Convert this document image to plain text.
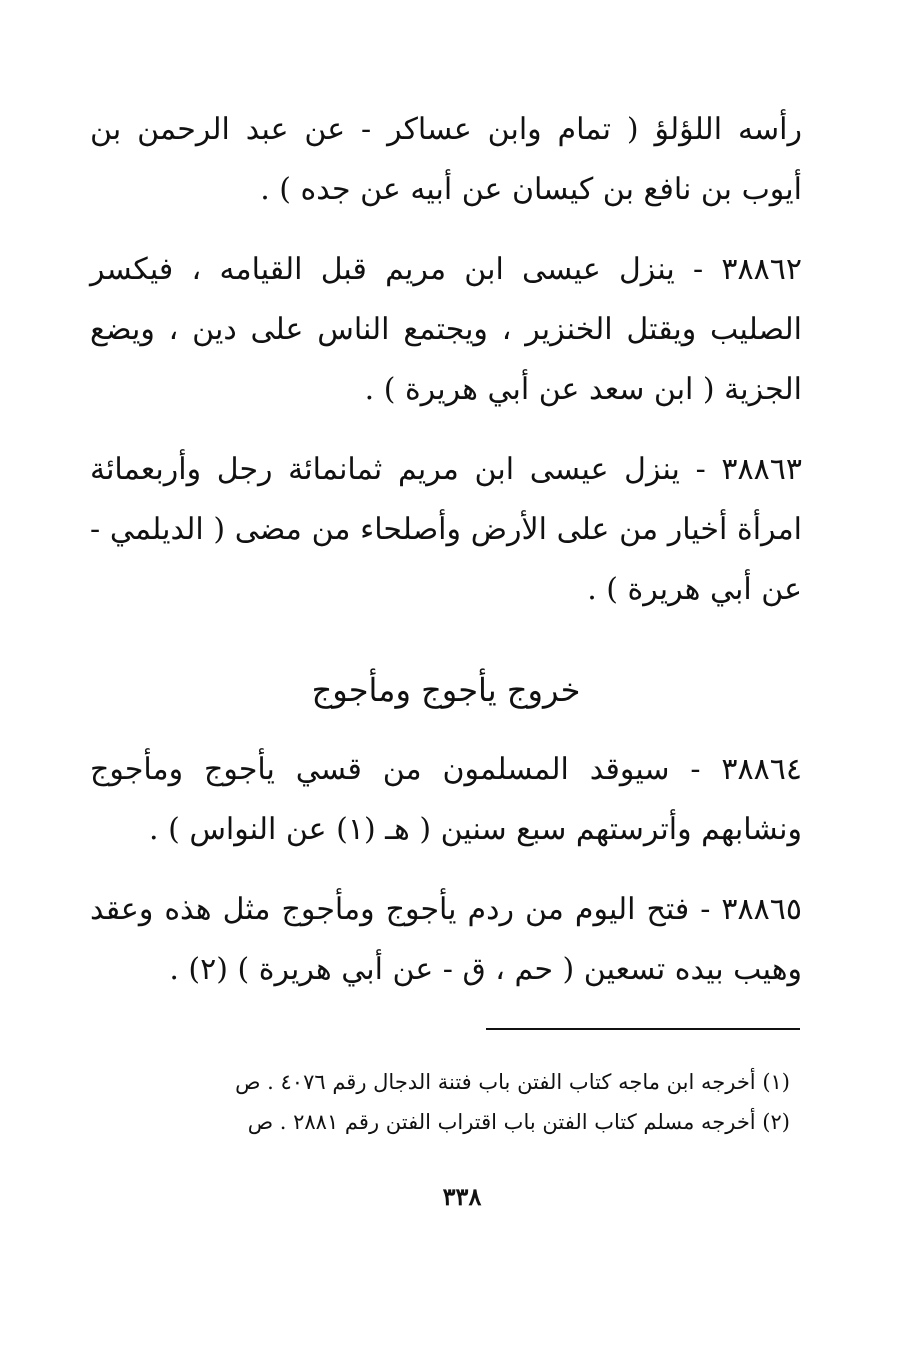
رأسه اللؤلؤ ( تمام وابن عساكر - عن عبد الرحمن بن أيوب بن نافع بن كيسان عن أبيه عن جده ) .
٣٨٨٦٢ - ينزل عيسى ابن مريم قبل القيامه ، فيكسر الصليب ويقتل الخنزير ، ويجتمع الناس على دين ، ويضع الجزية ( ابن سعد عن أبي هريرة ) .
٣٨٨٦٣ - ينزل عيسى ابن مريم ثمانمائة رجل وأربعمائة امرأة أخيار من على الأرض وأصلحاء من مضى ( الديلمي - عن أبي هريرة ) .
خروج يأجوج ومأجوج
٣٨٨٦٤ - سيوقد المسلمون من قسي يأجوج ومأجوج ونشابهم وأترستهم سبع سنين ( هـ (١) عن النواس ) .
٣٨٨٦٥ - فتح اليوم من ردم يأجوج ومأجوج مثل هذه وعقد وهيب بيده تسعين ( حم ، ق - عن أبي هريرة ) (٢) .
(١) أخرجه ابن ماجه كتاب الفتن باب فتنة الدجال رقم ٤٠٧٦ . ص
(٢) أخرجه مسلم كتاب الفتن باب اقتراب الفتن رقم ٢٨٨١ . ص
٣٣٨
